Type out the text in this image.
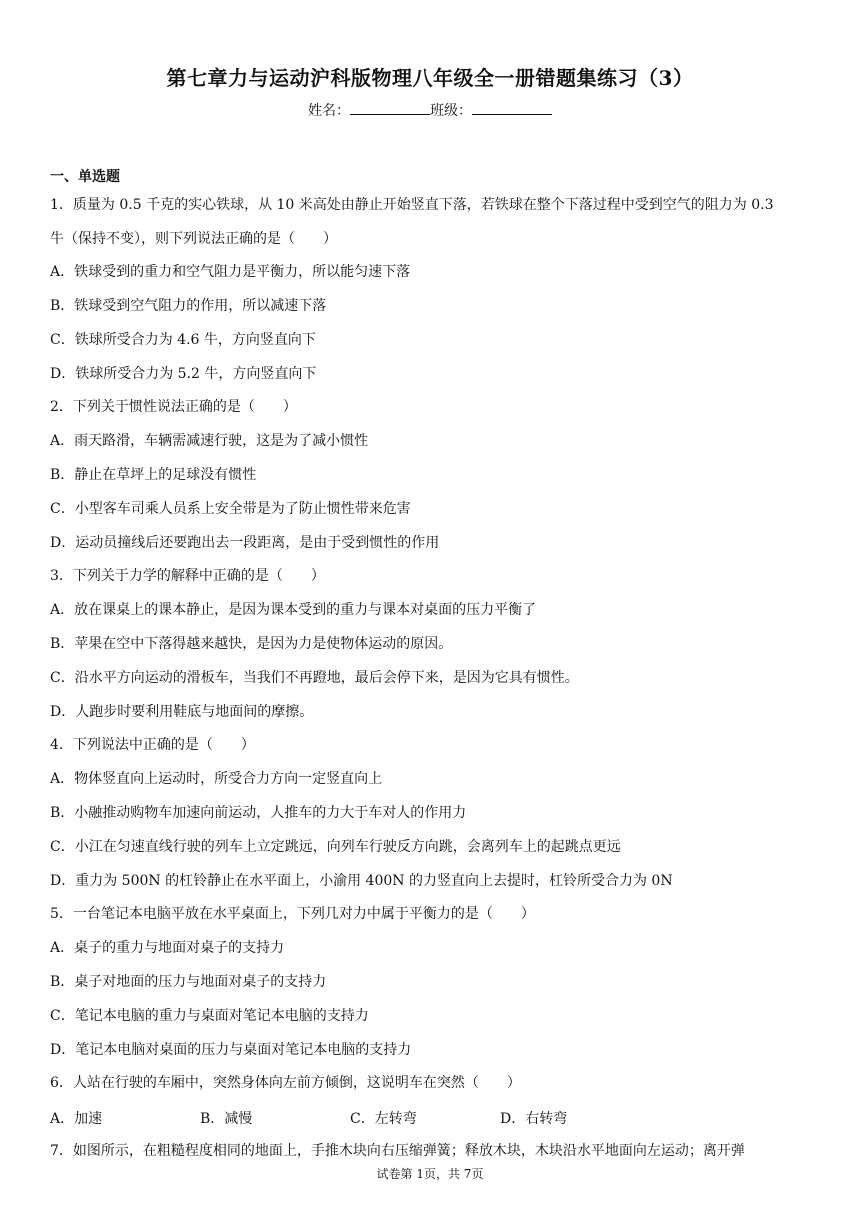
第七章力与运动沪科版物理八年级全一册错题集练习（3）
姓名：	班级：
一、单选题
1．质量为 0.5 千克的实心铁球，从 10 米高处由静止开始竖直下落，若铁球在整个下落过程中受到空气的阻力为 0.3
牛（保持不变），则下列说法正确的是（　　）
A．铁球受到的重力和空气阻力是平衡力，所以能匀速下落
B．铁球受到空气阻力的作用，所以减速下落
C．铁球所受合力为 4.6 牛，方向竖直向下
D．铁球所受合力为 5.2 牛，方向竖直向下
2．下列关于惯性说法正确的是（　　）
A．雨天路滑，车辆需减速行驶，这是为了减小惯性
B．静止在草坪上的足球没有惯性
C．小型客车司乘人员系上安全带是为了防止惯性带来危害
D．运动员撞线后还要跑出去一段距离，是由于受到惯性的作用
3．下列关于力学的解释中正确的是（　　）
A．放在课桌上的课本静止，是因为课本受到的重力与课本对桌面的压力平衡了
B．苹果在空中下落得越来越快，是因为力是使物体运动的原因。
C．沿水平方向运动的滑板车，当我们不再蹬地，最后会停下来，是因为它具有惯性。
D．人跑步时要利用鞋底与地面间的摩擦。
4．下列说法中正确的是（　　）
A．物体竖直向上运动时，所受合力方向一定竖直向上
B．小融推动购物车加速向前运动，人推车的力大于车对人的作用力
C．小江在匀速直线行驶的列车上立定跳远，向列车行驶反方向跳，会离列车上的起跳点更远
D．重力为 500N 的杠铃静止在水平面上，小渝用 400N 的力竖直向上去提时，杠铃所受合力为 0N
5．一台笔记本电脑平放在水平桌面上，下列几对力中属于平衡力的是（　　）
A．桌子的重力与地面对桌子的支持力
B．桌子对地面的压力与地面对桌子的支持力
C．笔记本电脑的重力与桌面对笔记本电脑的支持力
D．笔记本电脑对桌面的压力与桌面对笔记本电脑的支持力
6．人站在行驶的车厢中，突然身体向左前方倾倒，这说明车在突然（　　）
A．加速	B．减慢	C．左转弯	D．右转弯
7．如图所示，在粗糙程度相同的地面上，手推木块向右压缩弹簧；释放木块，木块沿水平地面向左运动；离开弹
试卷第 1页，共 7页
